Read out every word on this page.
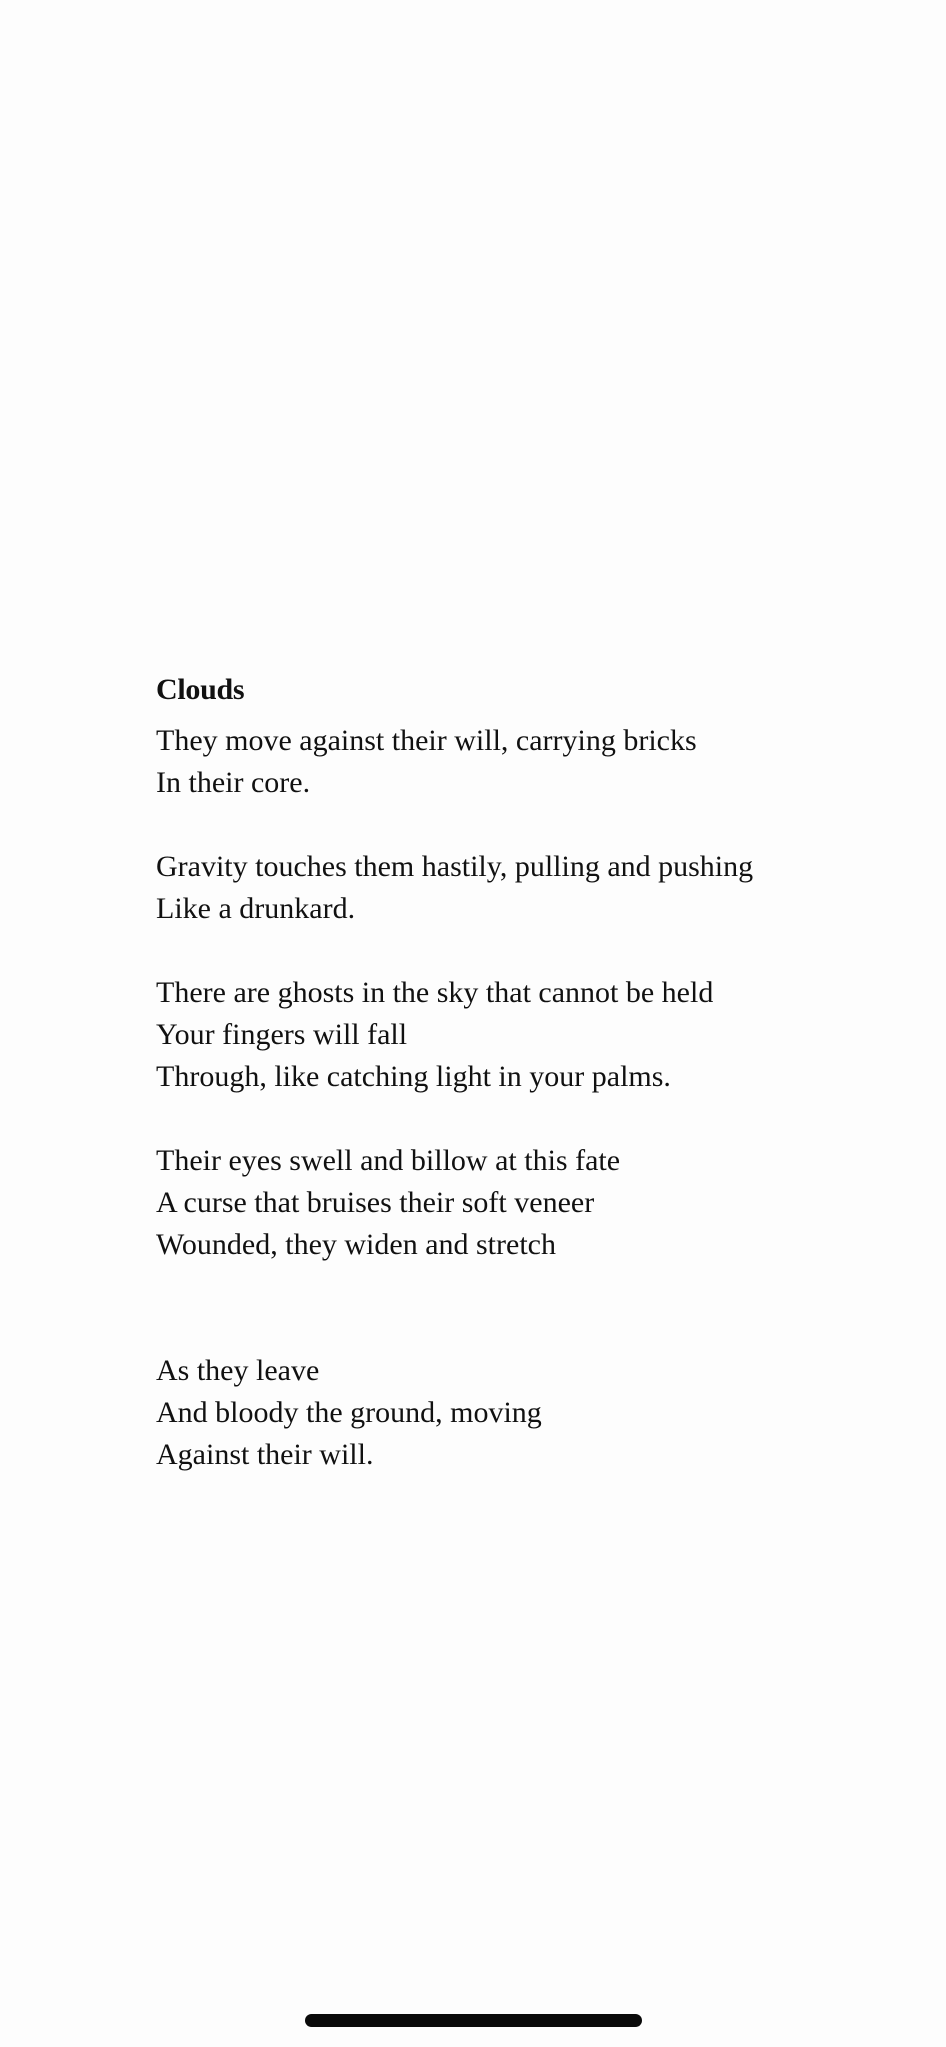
Clouds
They move against their will, carrying bricks
In their core.
Gravity touches them hastily, pulling and pushing
Like a drunkard.
There are ghosts in the sky that cannot be held
Your fingers will fall
Through, like catching light in your palms.
Their eyes swell and billow at this fate
A curse that bruises their soft veneer
Wounded, they widen and stretch
As they leave
And bloody the ground, moving
Against their will.
